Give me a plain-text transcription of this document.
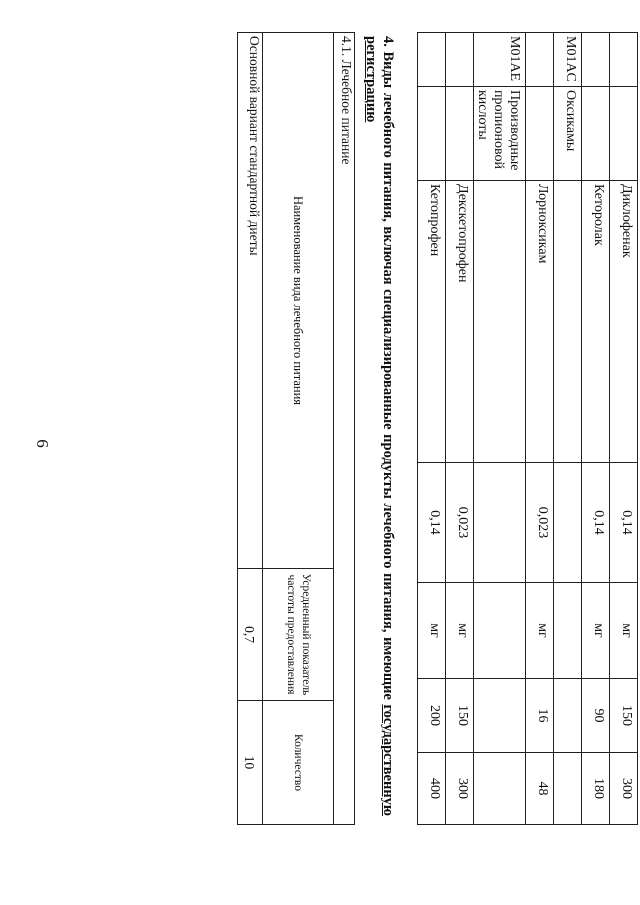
6
		Диклофенак	0,14	мг	150	300
		Кеторолак	0,14	мг	90	180
M01AC	Оксикамы					
		Лорноксикам	0,023	мг	16	48
M01AE	Производные пропионовой кислоты					
		Декскетопрофен	0,023	мг	150	300
		Кетопрофен	0,14	мг	200	400
4. Виды лечебного питания, включая специализированные продукты лечебного питания, имеющие государственную регистрацию
4.1. Лечебное питание		
Наименование вида лечебного питания	Усредненный показатель частоты предоставления	Количество
Основной вариант стандартной диеты	0,7	10
